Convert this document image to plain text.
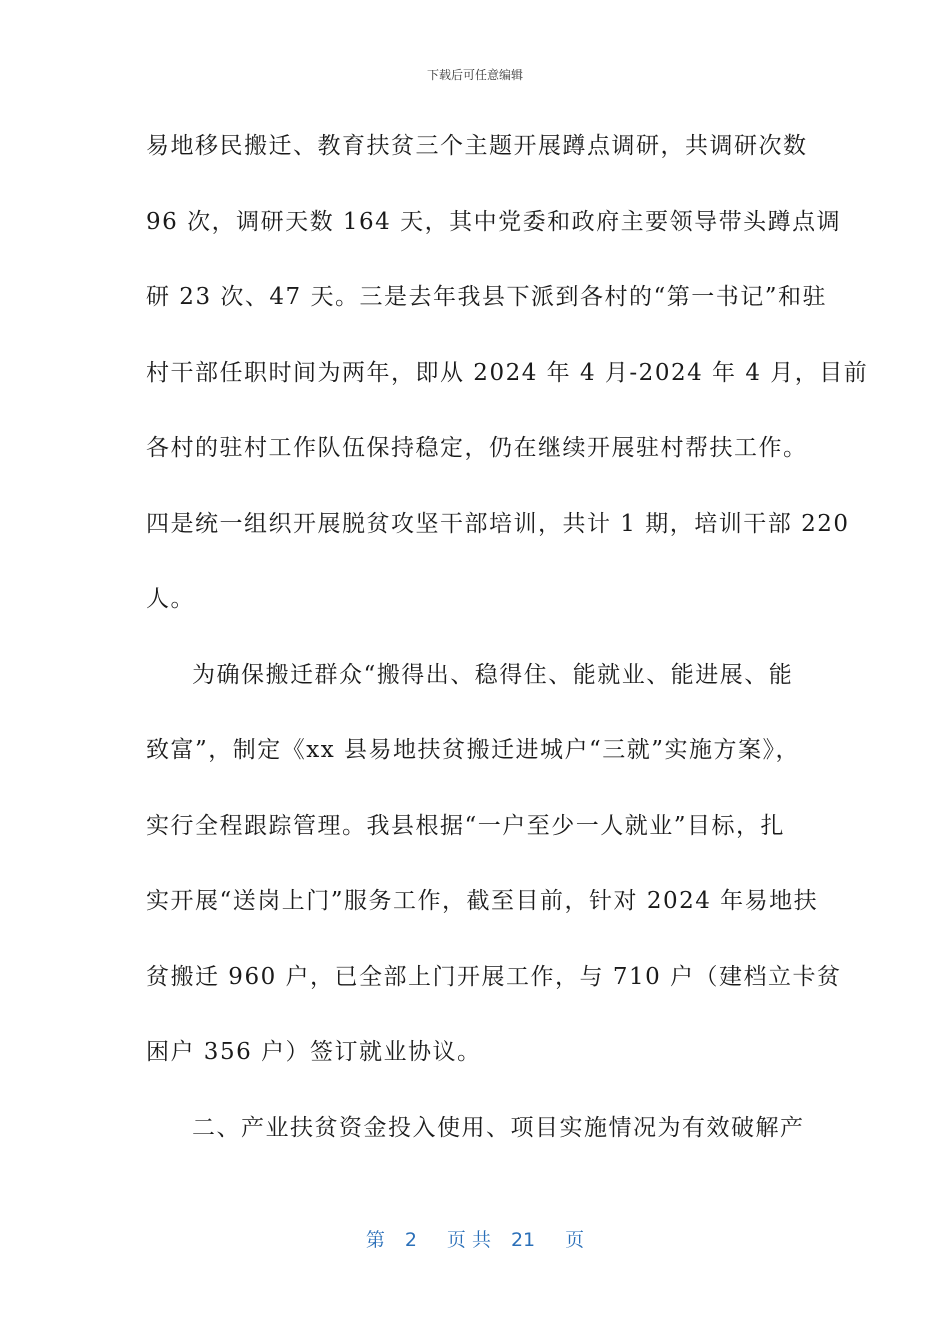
下载后可任意编辑
易地移民搬迁、教育扶贫三个主题开展蹲点调研，共调研次数
96 次，调研天数 164 天，其中党委和政府主要领导带头蹲点调
研 23 次、47 天。三是去年我县下派到各村的“第一书记”和驻
村干部任职时间为两年，即从 2024 年 4 月-2024 年 4 月，目前
各村的驻村工作队伍保持稳定，仍在继续开展驻村帮扶工作。
四是统一组织开展脱贫攻坚干部培训，共计 1 期，培训干部 220
人。
为确保搬迁群众“搬得出、稳得住、能就业、能进展、能
致富”，制定《xx 县易地扶贫搬迁进城户“三就”实施方案》，
实行全程跟踪管理。我县根据“一户至少一人就业”目标，扎
实开展“送岗上门”服务工作，截至目前，针对 2024 年易地扶
贫搬迁 960 户，已全部上门开展工作，与 710 户（建档立卡贫
困户 356 户）签订就业协议。
二、产业扶贫资金投入使用、项目实施情况为有效破解产
第 2 页 共 21 页
